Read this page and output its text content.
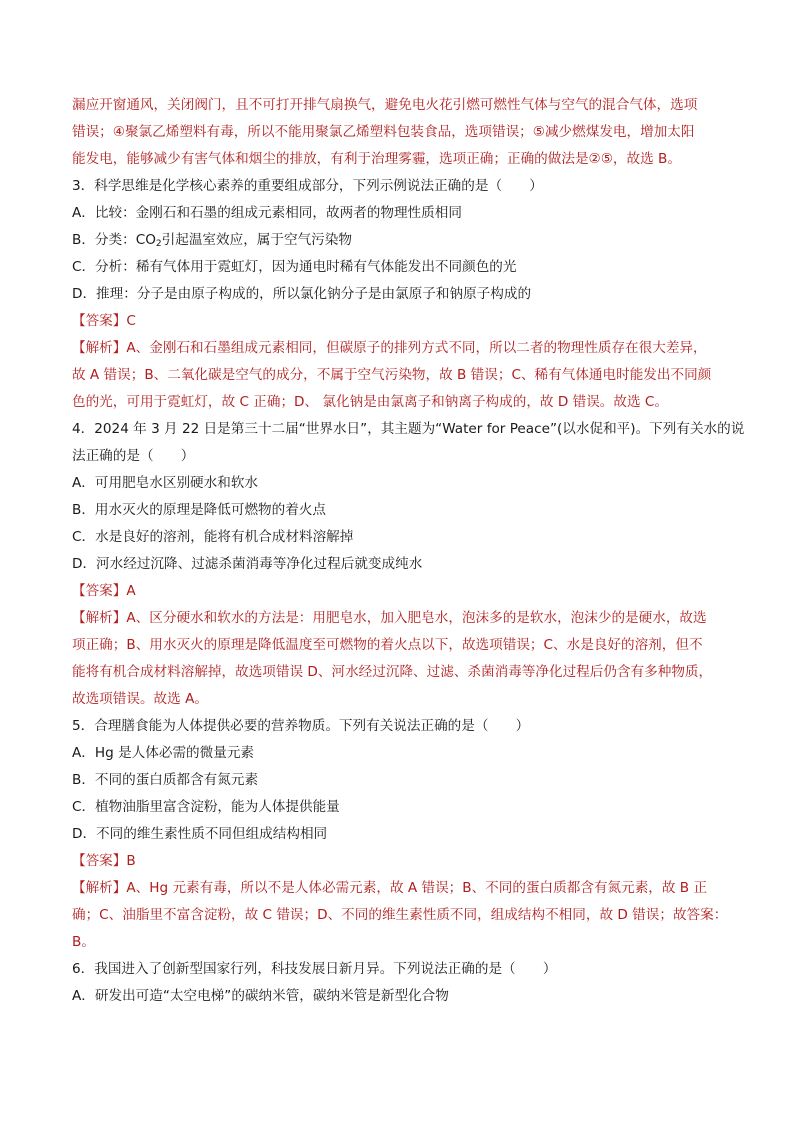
漏应开窗通风，关闭阀门，且不可打开排气扇换气，避免电火花引燃可燃性气体与空气的混合气体，选项
错误；④聚氯乙烯塑料有毒，所以不能用聚氯乙烯塑料包装食品，选项错误；⑤减少燃煤发电，增加太阳
能发电，能够减少有害气体和烟尘的排放，有利于治理雾霾，选项正确；正确的做法是②⑤，故选 B。
3．科学思维是化学核心素养的重要组成部分，下列示例说法正确的是（　　）
A．比较：金刚石和石墨的组成元素相同，故两者的物理性质相同
B．分类：$CO_2$引起温室效应，属于空气污染物
C．分析：稀有气体用于霓虹灯，因为通电时稀有气体能发出不同颜色的光
D．推理：分子是由原子构成的，所以氯化钠分子是由氯原子和钠原子构成的
【答案】C
【解析】A、金刚石和石墨组成元素相同，但碳原子的排列方式不同，所以二者的物理性质存在很大差异，
故 A 错误；B、二氧化碳是空气的成分，不属于空气污染物，故 B 错误；C、稀有气体通电时能发出不同颜
色的光，可用于霓虹灯，故 C 正确；D、 氯化钠是由氯离子和钠离子构成的，故 D 错误。故选 C。
4．2024 年 3 月 22 日是第三十二届“世界水日”，其主题为“Water for Peace”(以水促和平)。下列有关水的说
法正确的是（　　）
A．可用肥皂水区别硬水和软水
B．用水灭火的原理是降低可燃物的着火点
C．水是良好的溶剂，能将有机合成材料溶解掉
D．河水经过沉降、过滤杀菌消毒等净化过程后就变成纯水
【答案】A
【解析】A、区分硬水和软水的方法是：用肥皂水，加入肥皂水，泡沫多的是软水，泡沫少的是硬水，故选
项正确；B、用水灭火的原理是降低温度至可燃物的着火点以下，故选项错误；C、水是良好的溶剂，但不
能将有机合成材料溶解掉，故选项错误 D、河水经过沉降、过滤、杀菌消毒等净化过程后仍含有多种物质，
故选项错误。故选 A。
5．合理膳食能为人体提供必要的营养物质。下列有关说法正确的是（　　）
A．Hg 是人体必需的微量元素
B．不同的蛋白质都含有氮元素
C．植物油脂里富含淀粉，能为人体提供能量
D．不同的维生素性质不同但组成结构相同
【答案】B
【解析】A、Hg 元素有毒，所以不是人体必需元素，故 A 错误；B、不同的蛋白质都含有氮元素，故 B 正
确；C、油脂里不富含淀粉，故 C 错误；D、不同的维生素性质不同，组成结构不相同，故 D 错误；故答案：
B。
6．我国进入了创新型国家行列，科技发展日新月异。下列说法正确的是（　　）
A．研发出可造“太空电梯”的碳纳米管，碳纳米管是新型化合物
